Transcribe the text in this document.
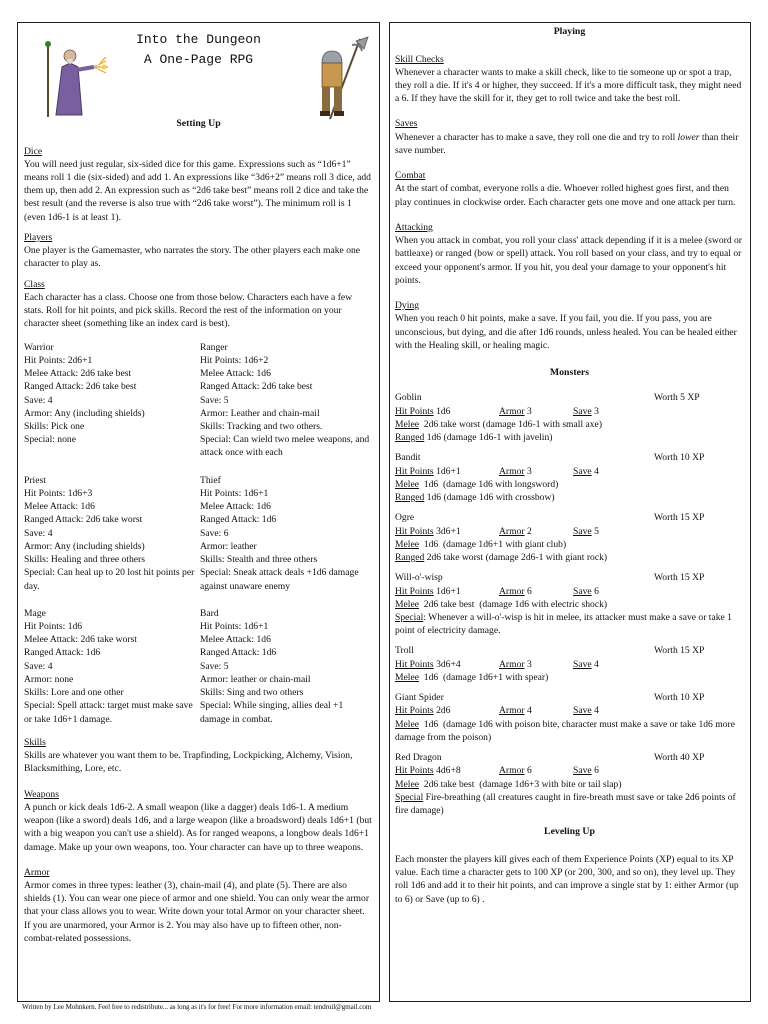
Into the Dungeon
A One-Page RPG
Setting Up
Dice

You will need just regular, six-sided dice for this game. Expressions such as “1d6+1” means roll 1 die (six-sided) and add 1. An expressions like “3d6+2” means roll 3 dice, add them up, then add 2. An expression such as “2d6 take best” means roll 2 dice and take the best result (and the reverse is also true with “2d6 take worst”). The minimum roll is 1 (even 1d6-1 is at least 1).

Players

One player is the Gamemaster, who narrates the story. The other players each make one character to play as.

Class

Each character has a class. Choose one from those below. Characters each have a few stats. Roll for hit points, and pick skills. Record the rest of the information on your character sheet (something like an index card is best).

Warrior
Hit Points: 2d6+1
Melee Attack: 2d6 take best
Ranged Attack: 2d6 take best
Save: 4
Armor: Any (including shields)
Skills: Pick one
Special: none
Ranger
Hit Points: 1d6+2
Melee Attack: 1d6
Ranged Attack: 2d6 take best
Save: 5
Armor: Leather and chain-mail
Skills: Tracking and two others.
Special: Can wield two melee weapons, and attack once with each
Priest
Hit Points: 1d6+3
Melee Attack: 1d6
Ranged Attack: 2d6 take worst
Save: 4
Armor: Any (including shields)
Skills: Healing and three others
Special: Can heal up to 20 lost hit points per day.
Thief
Hit Points: 1d6+1
Melee Attack: 1d6
Ranged Attack: 1d6
Save: 6
Armor: leather
Skills: Stealth and three others
Special: Sneak attack deals +1d6 damage against unaware enemy
Mage
Hit Points: 1d6
Melee Attack: 2d6 take worst
Ranged Attack: 1d6
Save: 4
Armor: none
Skills: Lore and one other
Special: Spell attack: target must make save or take 1d6+1 damage.
Bard
Hit Points: 1d6+1
Melee Attack: 1d6
Ranged Attack: 1d6
Save: 5
Armor: leather or chain-mail
Skills: Sing and two others
Special: While singing, allies deal +1 damage in combat.
Skills

Skills are whatever you want them to be. Trapfinding, Lockpicking, Alchemy, Vision, Blacksmithing, Lore, etc.

Weapons

A punch or kick deals 1d6-2. A small weapon (like a dagger) deals 1d6-1. A medium weapon (like a sword) deals 1d6, and a large weapon (like a broadsword) deals 1d6+1 (but with a big weapon you can't use a shield). As for ranged weapons, a longbow deals 1d6+1 damage. Make up your own weapons, too. Your character can have up to three weapons.

Armor

Armor comes in three types: leather (3), chain-mail (4), and plate (5). There are also shields (1). You can wear one piece of armor and one shield. You can only wear the armor that your class allows you to wear. Write down your total Armor on your character sheet. If you are unarmored, your Armor is 2. You may also have up to fifteen other, non-combat-related possessions.

Playing
Skill Checks

Whenever a character wants to make a skill check, like to tie someone up or spot a trap, they roll a die. If it's 4 or higher, they succeed. If it's a more difficult task, they might need a 6. If they have the skill for it, they get to roll twice and take the best roll.

Saves

Whenever a character has to make a save, they roll one die and try to roll lower than their save number.

Combat

At the start of combat, everyone rolls a die. Whoever rolled highest goes first, and then play continues in clockwise order. Each character gets one move and one attack per turn.

Attacking

When you attack in combat, you roll your class' attack depending if it is a melee (sword or battleaxe) or ranged (bow or spell) attack. You roll based on your class, and try to equal or exceed your opponent's armor. If you hit, you deal your damage to your opponent's hit points.

Dying

When you reach 0 hit points, make a save. If you fail, you die. If you pass, you are unconscious, but dying, and die after 1d6 rounds, unless healed. You can be healed either with the Healing skill, or healing magic.

Monsters
Goblin	Worth 5 XP
Hit Points 1d6	Armor 3	Save 3
Melee  2d6 take worst (damage 1d6-1 with small axe)
Ranged 1d6 (damage 1d6-1 with javelin)
Bandit	Worth 10 XP
Hit Points 1d6+1	Armor 3	Save 4
Melee  1d6  (damage 1d6 with longsword)
Ranged 1d6 (damage 1d6 with crossbow)
Ogre	Worth 15 XP
Hit Points 3d6+1	Armor 2	Save 5
Melee  1d6  (damage 1d6+1 with giant club)
Ranged 2d6 take worst (damage 2d6-1 with giant rock)
Will-o'-wisp	Worth 15 XP
Hit Points 1d6+1	Armor 6	Save 6
Melee  2d6 take best  (damage 1d6 with electric shock)
Special: Whenever a will-o'-wisp is hit in melee, its attacker must make a save or take 1 point of electricity damage.
Troll	Worth 15 XP
Hit Points 3d6+4	Armor 3	Save 4
Melee  1d6  (damage 1d6+1 with spear)
Giant Spider	Worth 10 XP
Hit Points 2d6	Armor 4	Save 4
Melee  1d6  (damage 1d6 with poison bite, character must make a save or take 1d6 more damage from the poison)
Red Dragon	Worth 40 XP
Hit Points 4d6+8	Armor 6	Save 6
Melee  2d6 take best  (damage 1d6+3 with bite or tail slap)
Special Fire-breathing (all creatures caught in fire-breath must save or take 2d6 points of fire damage)
Leveling Up

Each monster the players kill gives each of them Experience Points (XP) equal to its XP value. Each time a character gets to 100 XP (or 200, 300, and so on), they level up. They roll 1d6 and add it to their hit points, and can improve a single stat by 1: either Armor (up to 6) or Save (up to 6) .

Written by Lee Mohnkern. Feel free to redistribute... as long as it's for free! For more information email: tendruil@gmail.com
